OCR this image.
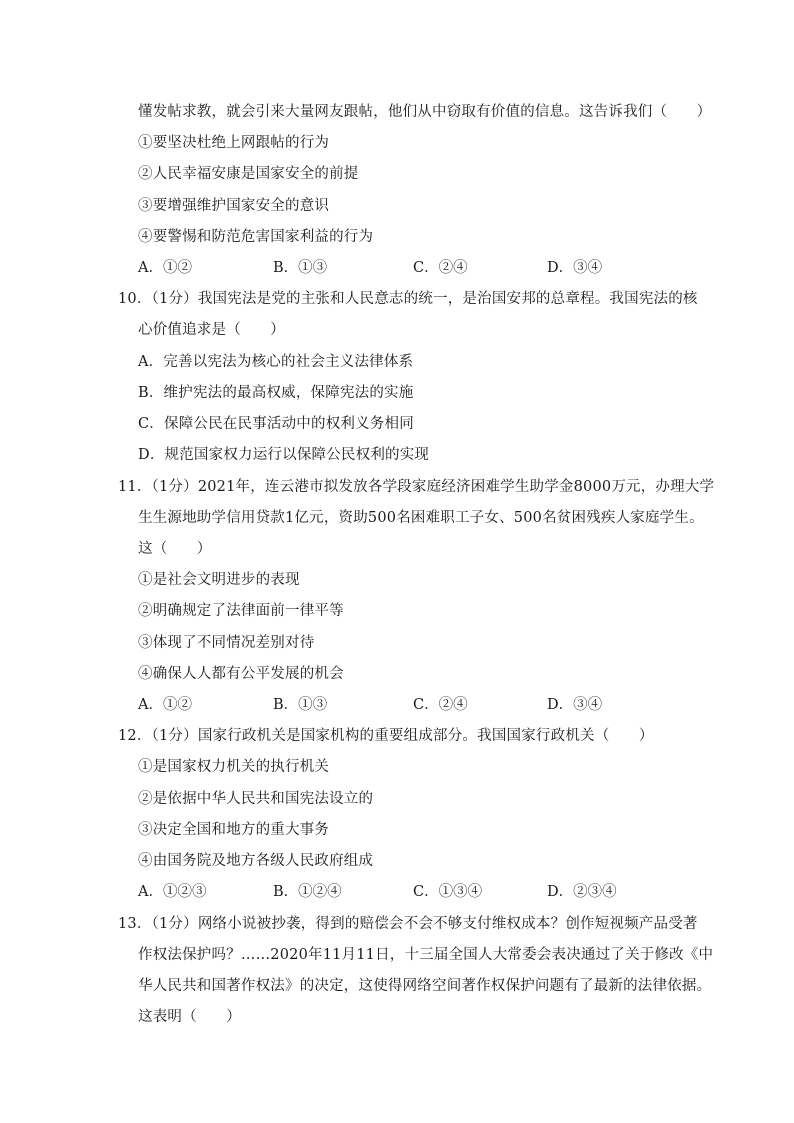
懂发帖求教，就会引来大量网友跟帖，他们从中窃取有价值的信息。这告诉我们（　　）
①要坚决杜绝上网跟帖的行为
②人民幸福安康是国家安全的前提
③要增强维护国家安全的意识
④要警惕和防范危害国家利益的行为
A．①②	B．①③	C．②④	D．③④
10．（1分）我国宪法是党的主张和人民意志的统一，是治国安邦的总章程。我国宪法的核
心价值追求是（　　）
A．完善以宪法为核心的社会主义法律体系
B．维护宪法的最高权威，保障宪法的实施
C．保障公民在民事活动中的权利义务相同
D．规范国家权力运行以保障公民权利的实现
11．（1分）2021年，连云港市拟发放各学段家庭经济困难学生助学金8000万元，办理大学
生生源地助学信用贷款1亿元，资助500名困难职工子女、500名贫困残疾人家庭学生。
这（　　）
①是社会文明进步的表现
②明确规定了法律面前一律平等
③体现了不同情况差别对待
④确保人人都有公平发展的机会
A．①②	B．①③	C．②④	D．③④
12．（1分）国家行政机关是国家机构的重要组成部分。我国国家行政机关（　　）
①是国家权力机关的执行机关
②是依据中华人民共和国宪法设立的
③决定全国和地方的重大事务
④由国务院及地方各级人民政府组成
A．①②③	B．①②④	C．①③④	D．②③④
13．（1分）网络小说被抄袭，得到的赔偿会不会不够支付维权成本？创作短视频产品受著
作权法保护吗？……2020年11月11日，十三届全国人大常委会表决通过了关于修改《中
华人民共和国著作权法》的决定，这使得网络空间著作权保护问题有了最新的法律依据。
这表明（　　）
